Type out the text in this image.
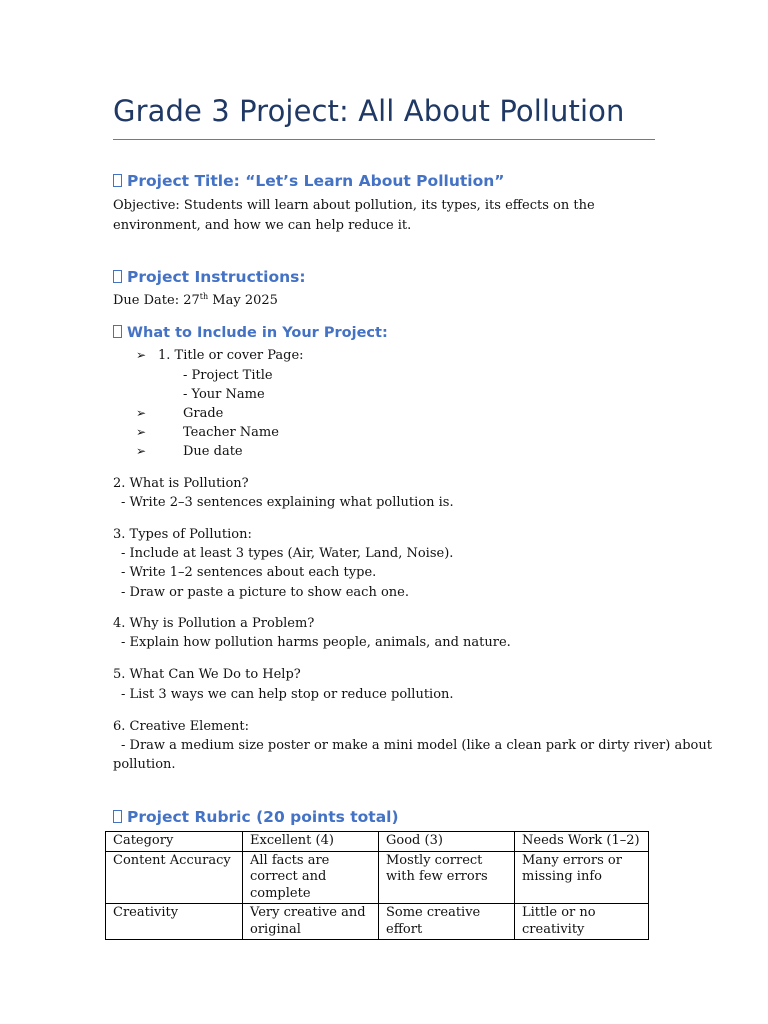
Grade 3 Project: All About Pollution
Project Title: “Let’s Learn About Pollution”
Objective: Students will learn about pollution, its types, its effects on the environment, and how we can help reduce it.
Project Instructions:
Due Date: 27th May 2025
What to Include in Your Project:
➢ 1. Title or cover Page:
- Project Title
- Your Name
➢	Grade
➢	Teacher Name
➢	Due date
2. What is Pollution?
- Write 2–3 sentences explaining what pollution is.
3. Types of Pollution:
- Include at least 3 types (Air, Water, Land, Noise).
- Write 1–2 sentences about each type.
- Draw or paste a picture to show each one.
4. Why is Pollution a Problem?
- Explain how pollution harms people, animals, and nature.
5. What Can We Do to Help?
- List 3 ways we can help stop or reduce pollution.
6. Creative Element:
- Draw a medium size poster or make a mini model (like a clean park or dirty river) about
pollution.
Project Rubric (20 points total)
Category	Excellent (4)	Good (3)	Needs Work (1–2)
Content Accuracy	All facts are correct and complete	Mostly correct with few errors	Many errors or missing info
Creativity	Very creative and original	Some creative effort	Little or no creativity
